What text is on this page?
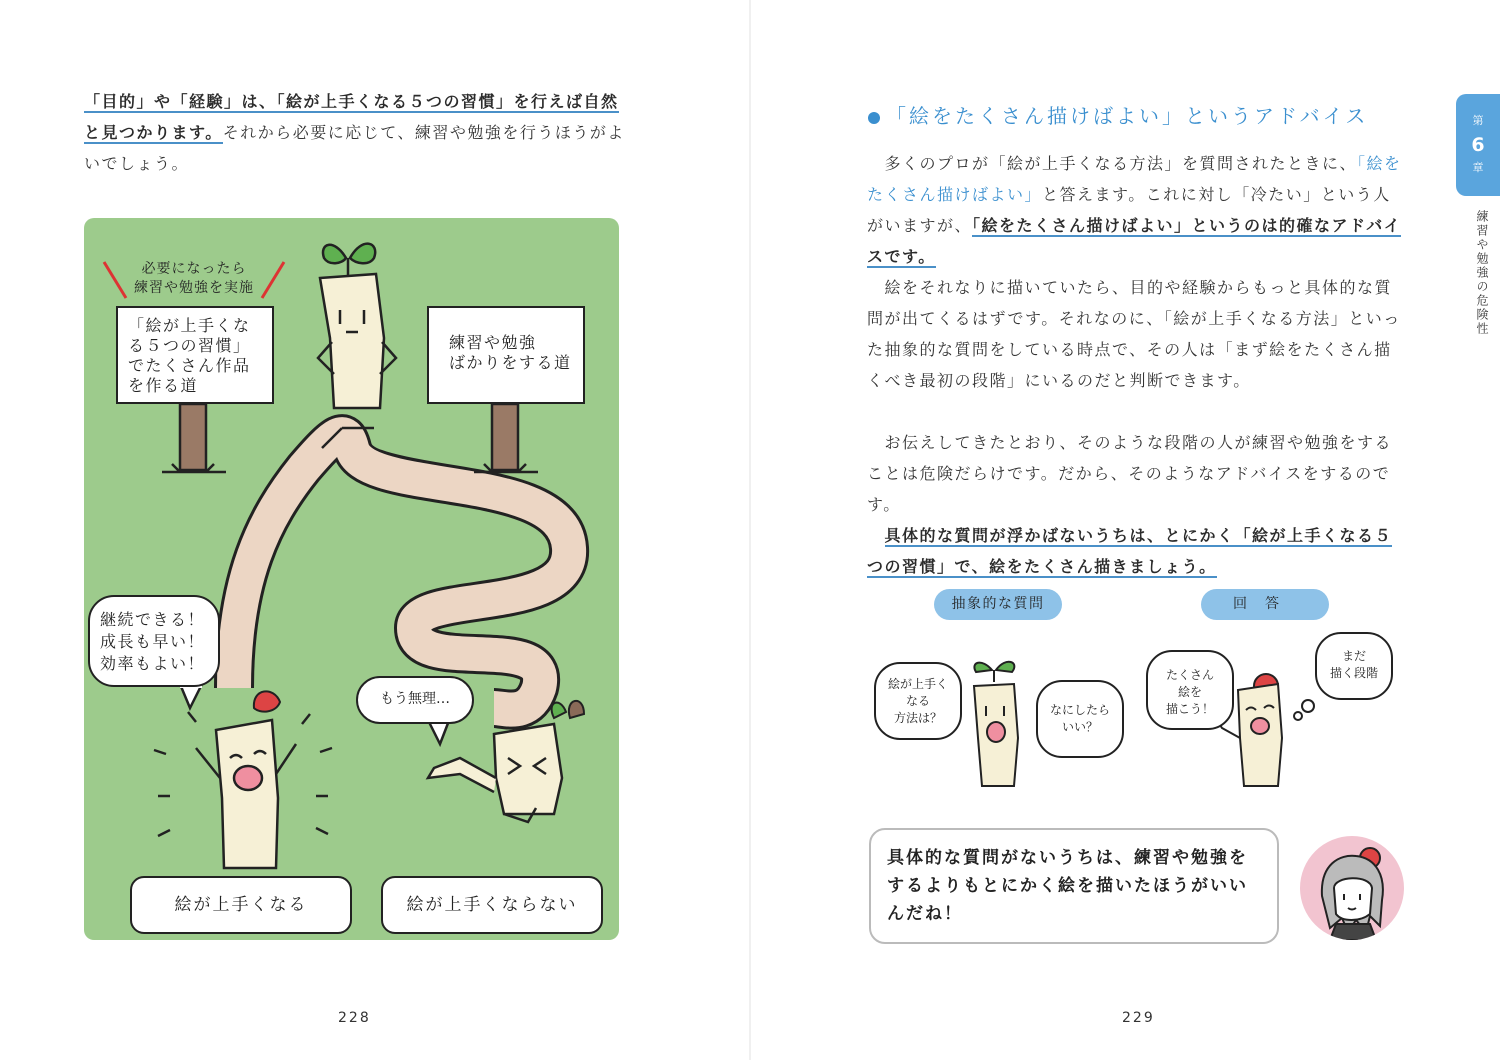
「目的」や「経験」は、「絵が上手くなる５つの習慣」を行えば自然と見つかります。それから必要に応じて、練習や勉強を行うほうがよいでしょう。

必要になったら
練習や勉強を実施
「絵が上手くな
る５つの習慣」
でたくさん作品
を作る道
練習や勉強
ばかりをする道
継続できる！
成長も早い！
効率もよい！
もう無理…
絵が上手くなる	絵が上手くならない
228
「絵をたくさん描けばよい」というアドバイス

　多くのプロが「絵が上手くなる方法」を質問されたときに、「絵をたくさん描けばよい」と答えます。これに対し「冷たい」という人がいますが、「絵をたくさん描けばよい」というのは的確なアドバイスです。

　絵をそれなりに描いていたら、目的や経験からもっと具体的な質問が出てくるはずです。それなのに、「絵が上手くなる方法」といった抽象的な質問をしている時点で、その人は「まず絵をたくさん描くべき最初の段階」にいるのだと判断できます。

　お伝えしてきたとおり、そのような段階の人が練習や勉強をすることは危険だらけです。だから、そのようなアドバイスをするのです。
　具体的な質問が浮かばないうちは、とにかく「絵が上手くなる５つの習慣」で、絵をたくさん描きましょう。

第
6
章
練習や勉強の危険性
抽象的な質問	回答
絵が上手く
なる
方法は？
なにしたら
いい？
たくさん
絵を
描こう！
まだ
描く段階
具体的な質問がないうちは、練習や勉強をするよりもとにかく絵を描いたほうがいいんだね！
229
